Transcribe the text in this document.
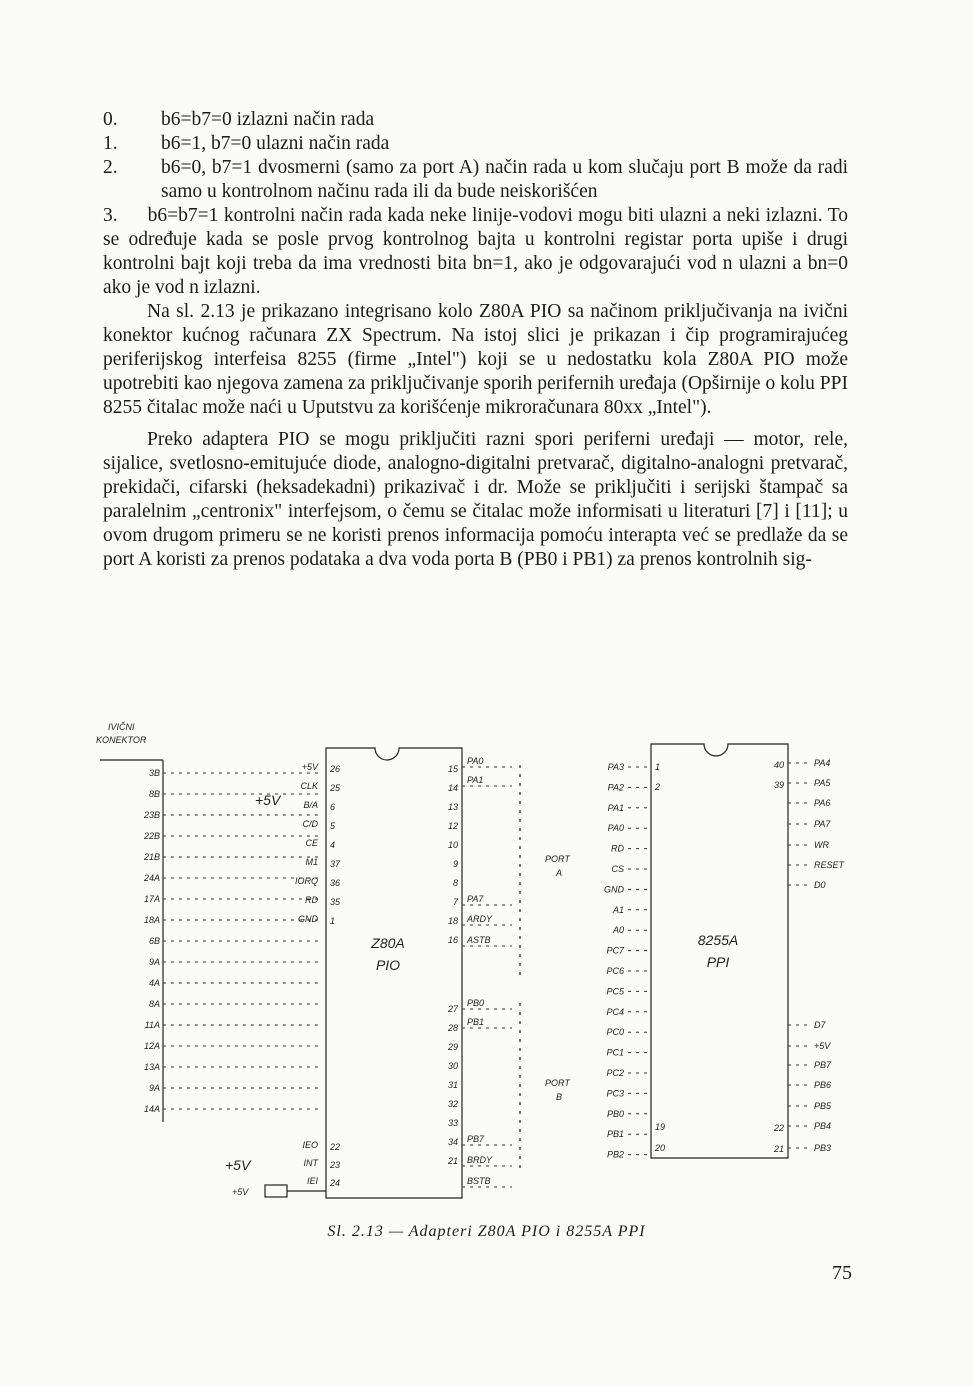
0. b6=b7=0 izlazni način rada
1. b6=1, b7=0 ulazni način rada
2. b6=0, b7=1 dvosmerni (samo za port A) način rada u kom slučaju port B može da radi samo u kontrolnom načinu rada ili da bude neiskorišćen
3. b6=b7=1 kontrolni način rada kada neke linije-vodovi mogu biti ulazni a neki izlazni. To se određuje kada se posle prvog kontrolnog bajta u kontrolni registar porta upiše i drugi kontrolni bajt koji treba da ima vrednosti bita bn=1, ako je odgovarajući vod n ulazni a bn=0 ako je vod n izlazni.

Na sl. 2.13 je prikazano integrisano kolo Z80A PIO sa načinom priključivanja na ivični konektor kućnog računara ZX Spectrum. Na istoj slici je prikazan i čip programirajućeg periferijskog interfeisa 8255 (firme „Intel") koji se u nedostatku kola Z80A PIO može upotrebiti kao njegova zamena za priključivanje sporih perifernih uređaja (Opširnije o kolu PPI 8255 čitalac može naći u Uputstvu za korišćenje mikroračunara 80xx „Intel").

Preko adaptera PIO se mogu priključiti razni spori periferni uređaji — motor, rele, sijalice, svetlosno-emitujuće diode, analogno-digitalni pretvarač, digitalno-analogni pretvarač, prekidači, cifarski (heksadekadni) prikazivač i dr. Može se priključiti i serijski štampač sa paralelnim „centronix" interfejsom, o čemu se čitalac može informisati u literaturi [7] i [11]; u ovom drugom primeru se ne koristi prenos informacija pomoću interapta već se predlaže da se port A koristi za prenos podataka a dva voda porta B (PB0 i PB1) za prenos kontrolnih sig-

IVIČNI
KONEKTOR
3B
8B
23B
22B
21B
24A
17A
18A
6B
9A
4A
8A
11A
12A
13A
9A
14A
Z80A
PIO
+5V
CLK
B/A
C/D
CE
M1
IORQ
RD
GND
26
25
6
5
4
37
36
35
1
15
14
13
12
10
9
8
7
18
16
27
28
29
30
31
32
33
34
21
PA0
PA1
PA7
ARDY
ASTB
PB0
PB1
PB7
BRDY
BSTB
IEO 22
INT 23
IEI 24
+5V
+5V
+5V
PORT
A
PORT
B
8255A
PPI
PA3
PA2
PA1
PA0
RD
CS
GND
A1
A0
PC7
PC6
PC5
PC4
PC0
PC1
PC2
PC3
PB0
PB1
PB2
1
2
19
20
PA4
PA5
PA6
PA7
WR
RESET
D0
D7
+5V
PB7
PB6
PB5
PB4
PB3
40
39
22
21
Sl. 2.13 — Adapteri Z80A PIO i 8255A PPI
75
